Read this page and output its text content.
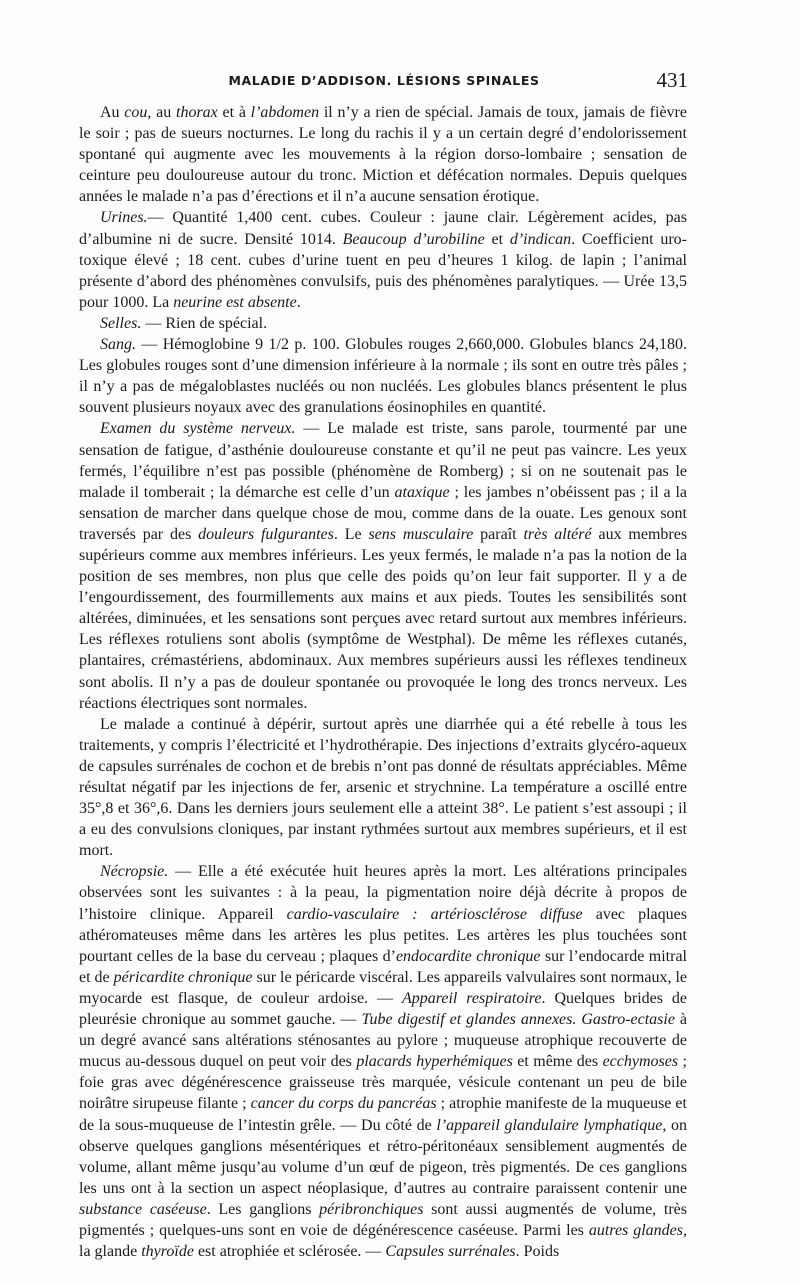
MALADIE D’ADDISON. LÉSIONS SPINALES	431

Au cou, au thorax et à l’abdomen il n’y a rien de spécial. Jamais de toux, jamais de fièvre le soir ; pas de sueurs nocturnes. Le long du rachis il y a un certain degré d’endolorissement spontané qui augmente avec les mouvements à la région dorso-lombaire ; sensation de ceinture peu douloureuse autour du tronc. Miction et défécation normales. Depuis quelques années le malade n’a pas d’érections et il n’a aucune sensation érotique.

Urines.— Quantité 1,400 cent. cubes. Couleur : jaune clair. Légèrement acides, pas d’albumine ni de sucre. Densité 1014. Beaucoup d’urobiline et d’indican. Coefficient uro-toxique élevé ; 18 cent. cubes d’urine tuent en peu d’heures 1 kilog. de lapin ; l’animal présente d’abord des phénomènes convulsifs, puis des phénomènes paralytiques. — Urée 13,5 pour 1000. La neurine est absente.

Selles. — Rien de spécial.

Sang. — Hémoglobine 9 1/2 p. 100. Globules rouges 2,660,000. Globules blancs 24,180. Les globules rouges sont d’une dimension inférieure à la normale ; ils sont en outre très pâles ; il n’y a pas de mégaloblastes nucléés ou non nucléés. Les globules blancs présentent le plus souvent plusieurs noyaux avec des granulations éosinophiles en quantité.

Examen du système nerveux. — Le malade est triste, sans parole, tourmenté par une sensation de fatigue, d’asthénie douloureuse constante et qu’il ne peut pas vaincre. Les yeux fermés, l’équilibre n’est pas possible (phénomène de Romberg) ; si on ne soutenait pas le malade il tomberait ; la démarche est celle d’un ataxique ; les jambes n’obéissent pas ; il a la sensation de marcher dans quelque chose de mou, comme dans de la ouate. Les genoux sont traversés par des douleurs fulgurantes. Le sens musculaire paraît très altéré aux membres supérieurs comme aux membres inférieurs. Les yeux fermés, le malade n’a pas la notion de la position de ses membres, non plus que celle des poids qu’on leur fait supporter. Il y a de l’engourdissement, des fourmillements aux mains et aux pieds. Toutes les sensibilités sont altérées, diminuées, et les sensations sont perçues avec retard surtout aux membres inférieurs. Les réflexes rotuliens sont abolis (symptôme de Westphal). De même les réflexes cutanés, plantaires, crémastériens, abdominaux. Aux membres supérieurs aussi les réflexes tendineux sont abolis. Il n’y a pas de douleur spontanée ou provoquée le long des troncs nerveux. Les réactions électriques sont normales.

Le malade a continué à dépérir, surtout après une diarrhée qui a été rebelle à tous les traitements, y compris l’électricité et l’hydrothérapie. Des injections d’extraits glycéro-aqueux de capsules surrénales de cochon et de brebis n’ont pas donné de résultats appréciables. Même résultat négatif par les injections de fer, arsenic et strychnine. La température a oscillé entre 35°,8 et 36°,6. Dans les derniers jours seulement elle a atteint 38°. Le patient s’est assoupi ; il a eu des convulsions cloniques, par instant rythmées surtout aux membres supérieurs, et il est mort.

Nécropsie. — Elle a été exécutée huit heures après la mort. Les altérations principales observées sont les suivantes : à la peau, la pigmentation noire déjà décrite à propos de l’histoire clinique. Appareil cardio-vasculaire : artériosclérose diffuse avec plaques athéromateuses même dans les artères les plus petites. Les artères les plus touchées sont pourtant celles de la base du cerveau ; plaques d’endocardite chronique sur l’endocarde mitral et de péricardite chronique sur le péricarde viscéral. Les appareils valvulaires sont normaux, le myocarde est flasque, de couleur ardoise. — Appareil respiratoire. Quelques brides de pleurésie chronique au sommet gauche. — Tube digestif et glandes annexes. Gastro-ectasie à un degré avancé sans altérations sténosantes au pylore ; muqueuse atrophique recouverte de mucus au-dessous duquel on peut voir des placards hyperhémiques et même des ecchymoses ; foie gras avec dégénérescence graisseuse très marquée, vésicule contenant un peu de bile noirâtre sirupeuse filante ; cancer du corps du pancréas ; atrophie manifeste de la muqueuse et de la sous-muqueuse de l’intestin grêle. — Du côté de l’appareil glandulaire lymphatique, on observe quelques ganglions mésentériques et rétro-péritonéaux sensiblement augmentés de volume, allant même jusqu’au volume d’un œuf de pigeon, très pigmentés. De ces ganglions les uns ont à la section un aspect néoplasique, d’autres au contraire paraissent contenir une substance caséeuse. Les ganglions péribronchiques sont aussi augmentés de volume, très pigmentés ; quelques-uns sont en voie de dégénérescence caséeuse. Parmi les autres glandes, la glande thyroïde est atrophiée et sclérosée. — Capsules surrénales. Poids
